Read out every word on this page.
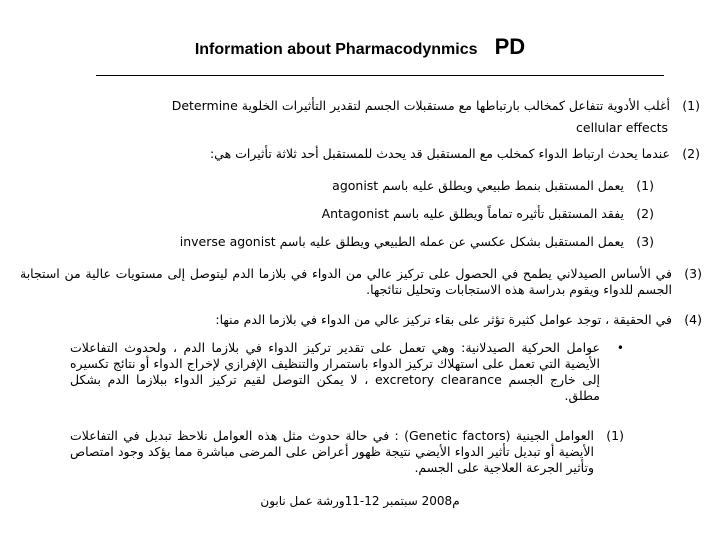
Information about Pharmacodynmics PD
(1)
أغلب الأدوية تتفاعل كمخالب بارتباطها مع مستقبلات الجسم لتقدير التأثيرات الخلوية Determine
cellular effects
(2)
عندما يحدث ارتباط الدواء كمخلب مع المستقبل قد يحدث للمستقبل أحد ثلاثة تأثيرات هي:
(1)
يعمل المستقبل بنمط طبيعي ويطلق عليه باسم agonist
(2)
يفقد المستقبل تأثيره تماماً ويطلق عليه باسم Antagonist
(3)
يعمل المستقبل بشكل عكسي عن عمله الطبيعي ويطلق عليه باسم inverse agonist
(3)
في الأساس الصيدلاني يطمح في الحصول على تركيز عالي من الدواء في بلازما الدم ليتوصل إلى مستويات عالية من استجابة الجسم للدواء ويقوم بدراسة هذه الاستجابات وتحليل نتائجها.
(4)
في الحقيقة ، توجد عوامل كثيرة تؤثر على بقاء تركيز عالي من الدواء في بلازما الدم منها:
•
عوامل الحركية الصيدلانية: وهي تعمل على تقدير تركيز الدواء في بلازما الدم ، ولحدوث التفاعلات الأيضية التي تعمل على استهلاك تركيز الدواء باستمرار والتنظيف الإفرازي لإخراج الدواء أو نتائج تكسيره إلى خارج الجسم excretory clearance ، لا يمكن التوصل لقيم تركيز الدواء ببلازما الدم بشكل مطلق.
(1)
العوامل الجينية (Genetic factors) : في حالة حدوث مثل هذه العوامل نلاحظ تبديل في التفاعلات الأيضية أو تبديل تأثير الدواء الأيضي نتيجة ظهور أعراض على المرضى مباشرة مما يؤكد وجود امتصاص وتأثير الجرعة العلاجية على الجسم.
م2008 سبتمبر 12-11ورشة عمل نابون
